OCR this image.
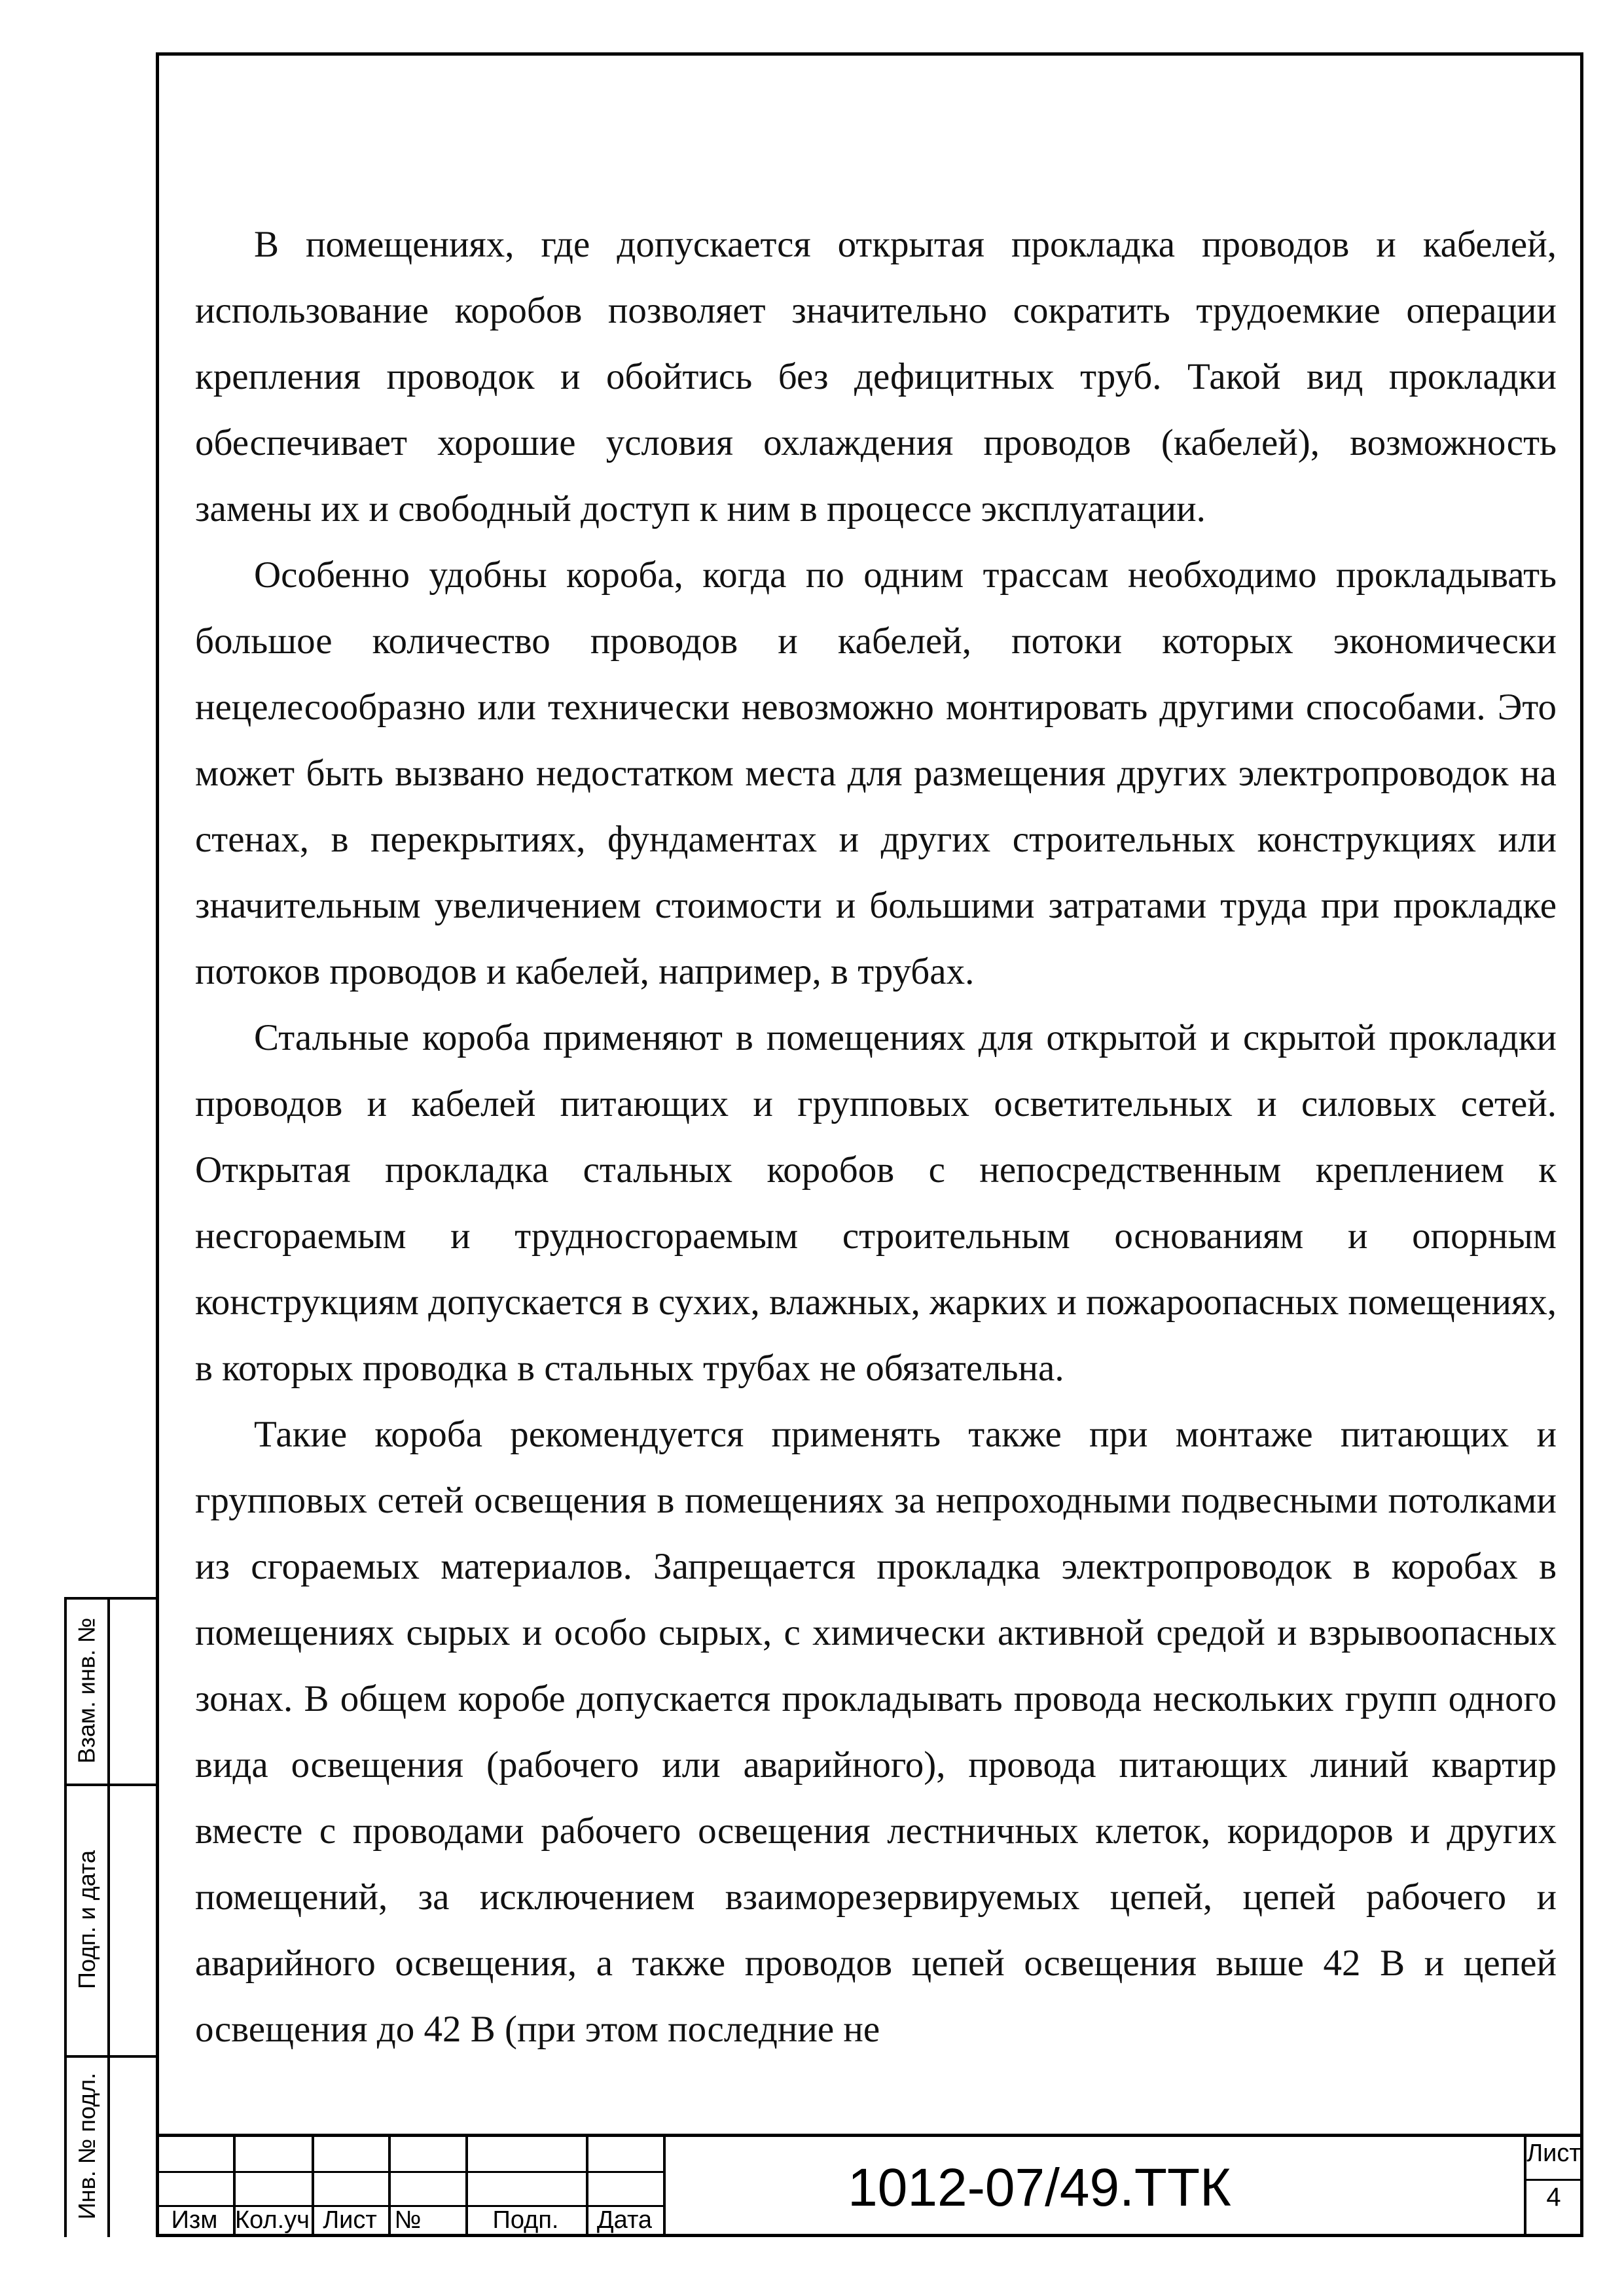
В помещениях, где допускается открытая прокладка проводов и кабелей, использование коробов позволяет значительно сократить трудоемкие операции крепления проводок и обойтись без дефицитных труб. Такой вид прокладки обеспечивает хорошие условия охлаждения проводов (кабелей), возможность замены их и свободный доступ к ним в процессе эксплуатации.

Особенно удобны короба, когда по одним трассам необходимо прокладывать большое количество проводов и кабелей, потоки которых экономически нецелесообразно или технически невозможно монтировать другими способами. Это может быть вызвано недостатком места для размещения других электропроводок на стенах, в перекрытиях, фундаментах и других строительных конструкциях или значительным увеличением стоимости и большими затратами труда при прокладке потоков проводов и кабелей, например, в трубах.

Стальные короба применяют в помещениях для открытой и скрытой прокладки проводов и кабелей питающих и групповых осветительных и силовых сетей. Открытая прокладка стальных коробов с непосредственным креплением к несгораемым и трудносгораемым строительным основаниям и опорным конструкциям допускается в сухих, влажных, жарких и пожароопасных помещениях, в которых проводка в стальных трубах не обязательна.

Такие короба рекомендуется применять также при монтаже питающих и групповых сетей освещения в помещениях за непроходными подвесными потолками из сгораемых материалов. Запрещается прокладка электропроводок в коробах в помещениях сырых и особо сырых, с химически активной средой и взрывоопасных зонах. В общем коробе допускается прокладывать провода нескольких групп одного вида освещения (рабочего или аварийного), провода питающих линий квартир вместе с проводами рабочего освещения лестничных клеток, коридоров и других помещений, за исключением взаиморезервируемых цепей, цепей рабочего и аварийного освещения, а также проводов цепей освещения выше 42 В и цепей освещения до 42 В (при этом последние не

Взам. инв. №
Подп. и дата
Инв. № подл.
Изм Кол.уч Лист №	Подп.	Дата
1012-07/49.ТТК
Лист
4
